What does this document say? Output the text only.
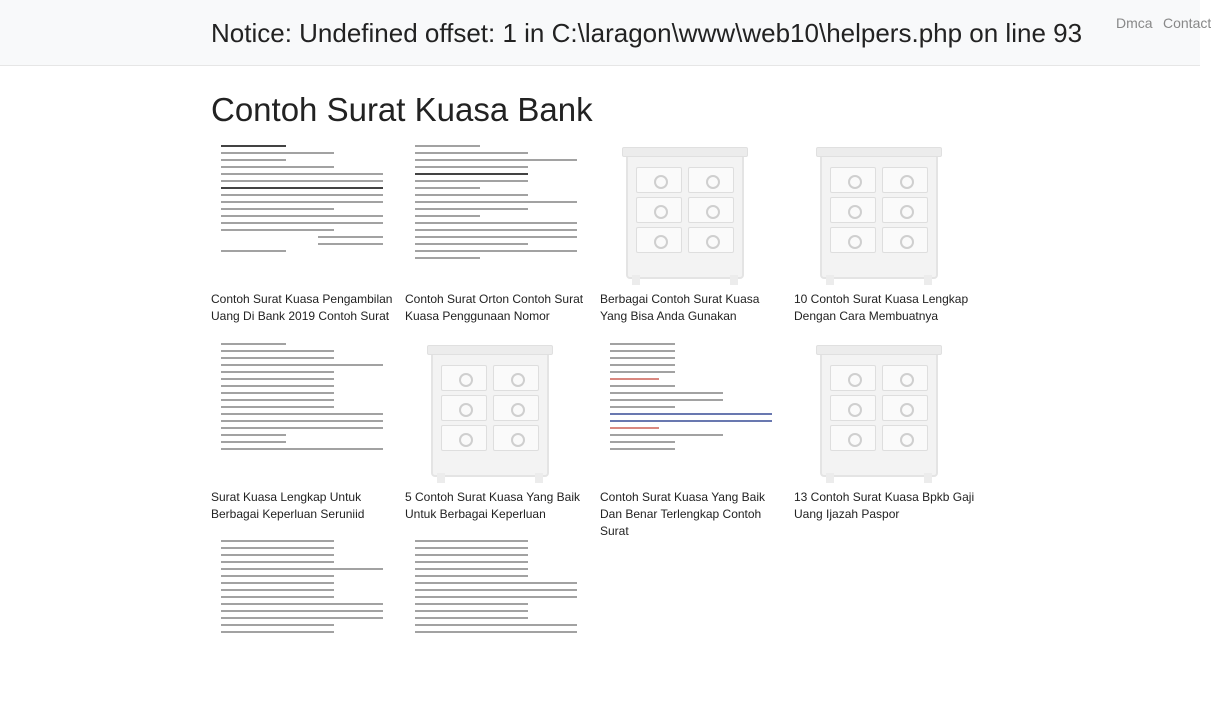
Notice: Undefined offset: 1 in C:\laragon\www\web10\helpers.php on line 93 Dmca Contact
Contoh Surat Kuasa Bank
Contoh Surat Kuasa Pengambilan Uang Di Bank 2019 Contoh Surat
Contoh Surat Orton Contoh Surat Kuasa Penggunaan Nomor
Berbagai Contoh Surat Kuasa Yang Bisa Anda Gunakan
10 Contoh Surat Kuasa Lengkap Dengan Cara Membuatnya
Surat Kuasa Lengkap Untuk Berbagai Keperluan Seruniid
5 Contoh Surat Kuasa Yang Baik Untuk Berbagai Keperluan
Contoh Surat Kuasa Yang Baik Dan Benar Terlengkap Contoh Surat
13 Contoh Surat Kuasa Bpkb Gaji Uang Ijazah Paspor
